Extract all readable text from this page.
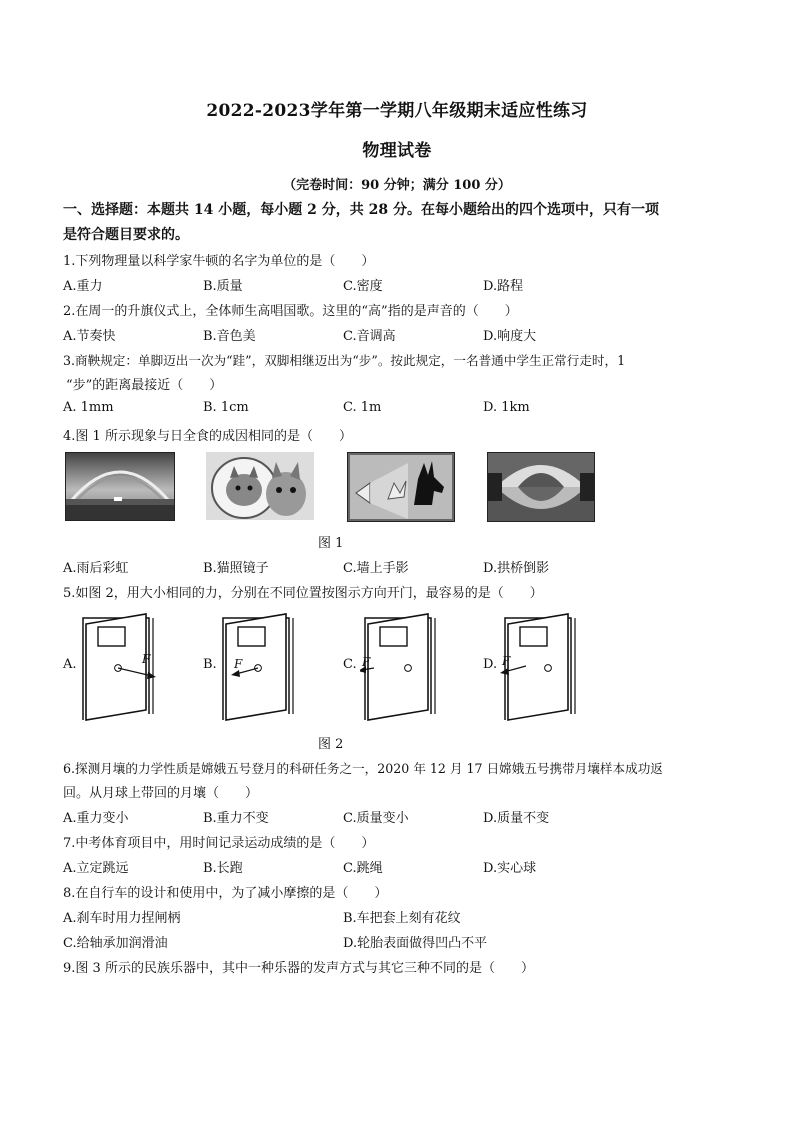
2022-2023学年第一学期八年级期末适应性练习
物理试卷
（完卷时间：90 分钟；满分 100 分）
一、选择题：本题共 14 小题，每小题 2 分，共 28 分。在每小题给出的四个选项中，只有一项
是符合题目要求的。
1.下列物理量以科学家牛顿的名字为单位的是（　　）
A.重力	B.质量	C.密度	D.路程
2.在周一的升旗仪式上，全体师生高唱国歌。这里的“高”指的是声音的（　　）
A.节奏快	B.音色美	C.音调高	D.响度大
3.商鞅规定：单脚迈出一次为“跬”，双脚相继迈出为“步”。按此规定，一名普通中学生正常行走时，1
“步”的距离最接近（　　）
A. 1mm	B. 1cm	C. 1m	D. 1km
4.图 1 所示现象与日全食的成因相同的是（　　）
图 1
A.雨后彩虹	B.猫照镜子	C.墙上手影	D.拱桥倒影
5.如图 2，用大小相同的力，分别在不同位置按图示方向开门，最容易的是（　　）
A.	F	B. F	C. F	D. F
图 2
6.探测月壤的力学性质是嫦娥五号登月的科研任务之一，2020 年 12 月 17 日嫦娥五号携带月壤样本成功返
回。从月球上带回的月壤（　　）
A.重力变小	B.重力不变	C.质量变小	D.质量不变
7.中考体育项目中，用时间记录运动成绩的是（　　）
A.立定跳远	B.长跑	C.跳绳	D.实心球
8.在自行车的设计和使用中，为了减小摩擦的是（　　）
A.刹车时用力捏闸柄	B.车把套上刻有花纹
C.给轴承加润滑油	D.轮胎表面做得凹凸不平
9.图 3 所示的民族乐器中，其中一种乐器的发声方式与其它三种不同的是（　　）
